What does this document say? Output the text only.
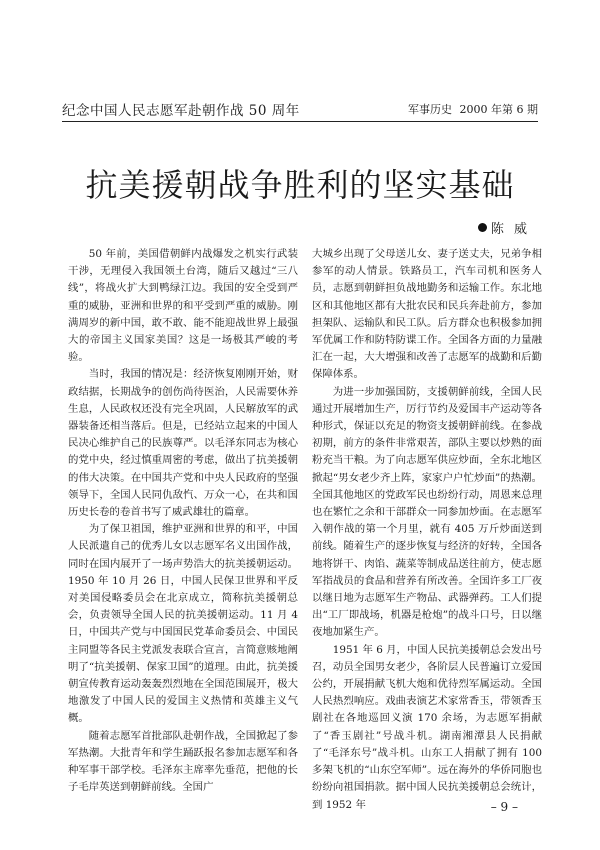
纪念中国人民志愿军赴朝作战 50 周年	军事历史 2000 年第 6 期
抗美援朝战争胜利的坚实基础
陈 威

50 年前，美国借朝鲜内战爆发之机实行武装干涉，无理侵入我国领土台湾，随后又越过“三八线”，将战火扩大到鸭绿江边。我国的安全受到严重的威胁，亚洲和世界的和平受到严重的威胁。刚满周岁的新中国，敢不敢、能不能迎战世界上最强大的帝国主义国家美国？这是一场极其严峻的考验。

当时，我国的情况是：经济恢复刚刚开始，财政结据，长期战争的创伤尚待医治，人民需要休养生息，人民政权还没有完全巩固，人民解放军的武器装备还相当落后。但是，已经站立起来的中国人民决心维护自己的民族尊严。以毛泽东同志为核心的党中央，经过慎重周密的考虑，做出了抗美援朝的伟大决策。在中国共产党和中央人民政府的坚强领导下，全国人民同仇敌忾、万众一心，在共和国历史长卷的卷首书写了威武雄壮的篇章。

为了保卫祖国，维护亚洲和世界的和平，中国人民派遣自己的优秀儿女以志愿军名义出国作战，同时在国内展开了一场声势浩大的抗美援朝运动。1950 年 10 月 26 日，中国人民保卫世界和平反对美国侵略委员会在北京成立，简称抗美援朝总会，负责领导全国人民的抗美援朝运动。11 月 4 日，中国共产党与中国国民党革命委员会、中国民主同盟等各民主党派发表联合宣言，言简意赅地阐明了“抗美援朝、保家卫国”的道理。由此，抗美援朝宣传教育运动轰轰烈烈地在全国范围展开，极大地激发了中国人民的爱国主义热情和英雄主义气概。

随着志愿军首批部队赴朝作战，全国掀起了参军热潮。大批青年和学生踊跃报名参加志愿军和各种军事干部学校。毛泽东主席率先垂范，把他的长子毛岸英送到朝鲜前线。全国广

大城乡出现了父母送儿女、妻子送丈夫，兄弟争相参军的动人情景。铁路员工，汽车司机和医务人员，志愿到朝鲜担负战地勤务和运输工作。东北地区和其他地区都有大批农民和民兵奔赴前方，参加担架队、运输队和民工队。后方群众也积极参加拥军优属工作和防特防谍工作。全国各方面的力量融汇在一起，大大增强和改善了志愿军的战勤和后勤保障体系。

为进一步加强国防，支援朝鲜前线，全国人民通过开展增加生产，厉行节约及爱国丰产运动等各种形式，保证以充足的物资支援朝鲜前线。在参战初期，前方的条件非常艰苦，部队主要以炒熟的面粉充当干粮。为了向志愿军供应炒面，全东北地区掀起“男女老少齐上阵，家家户户忙炒面”的热潮。全国其他地区的党政军民也纷纷行动，周恩来总理也在繁忙之余和干部群众一同参加炒面。在志愿军入朝作战的第一个月里，就有 405 万斤炒面送到前线。随着生产的逐步恢复与经济的好转，全国各地将饼干、肉馅、蔬菜等制成品送往前方，使志愿军指战员的食品和营养有所改善。全国许多工厂夜以继日地为志愿军生产物品、武器弹药。工人们提出“工厂即战场，机器是枪炮”的战斗口号，日以继夜地加紧生产。

1951 年 6 月，中国人民抗美援朝总会发出号召，动员全国男女老少，各阶层人民普遍订立爱国公约，开展捐献飞机大炮和优待烈军属运动。全国人民热烈响应。戏曲表演艺术家常香玉，带领香玉剧社在各地巡回义演 170 余场，为志愿军捐献了“香玉剧社”号战斗机。湖南湘潭县人民捐献了“毛泽东号”战斗机。山东工人捐献了拥有 100 多架飞机的“山东空军师”。远在海外的华侨同胞也纷纷向祖国捐款。据中国人民抗美援朝总会统计，到 1952 年	– 9 –
